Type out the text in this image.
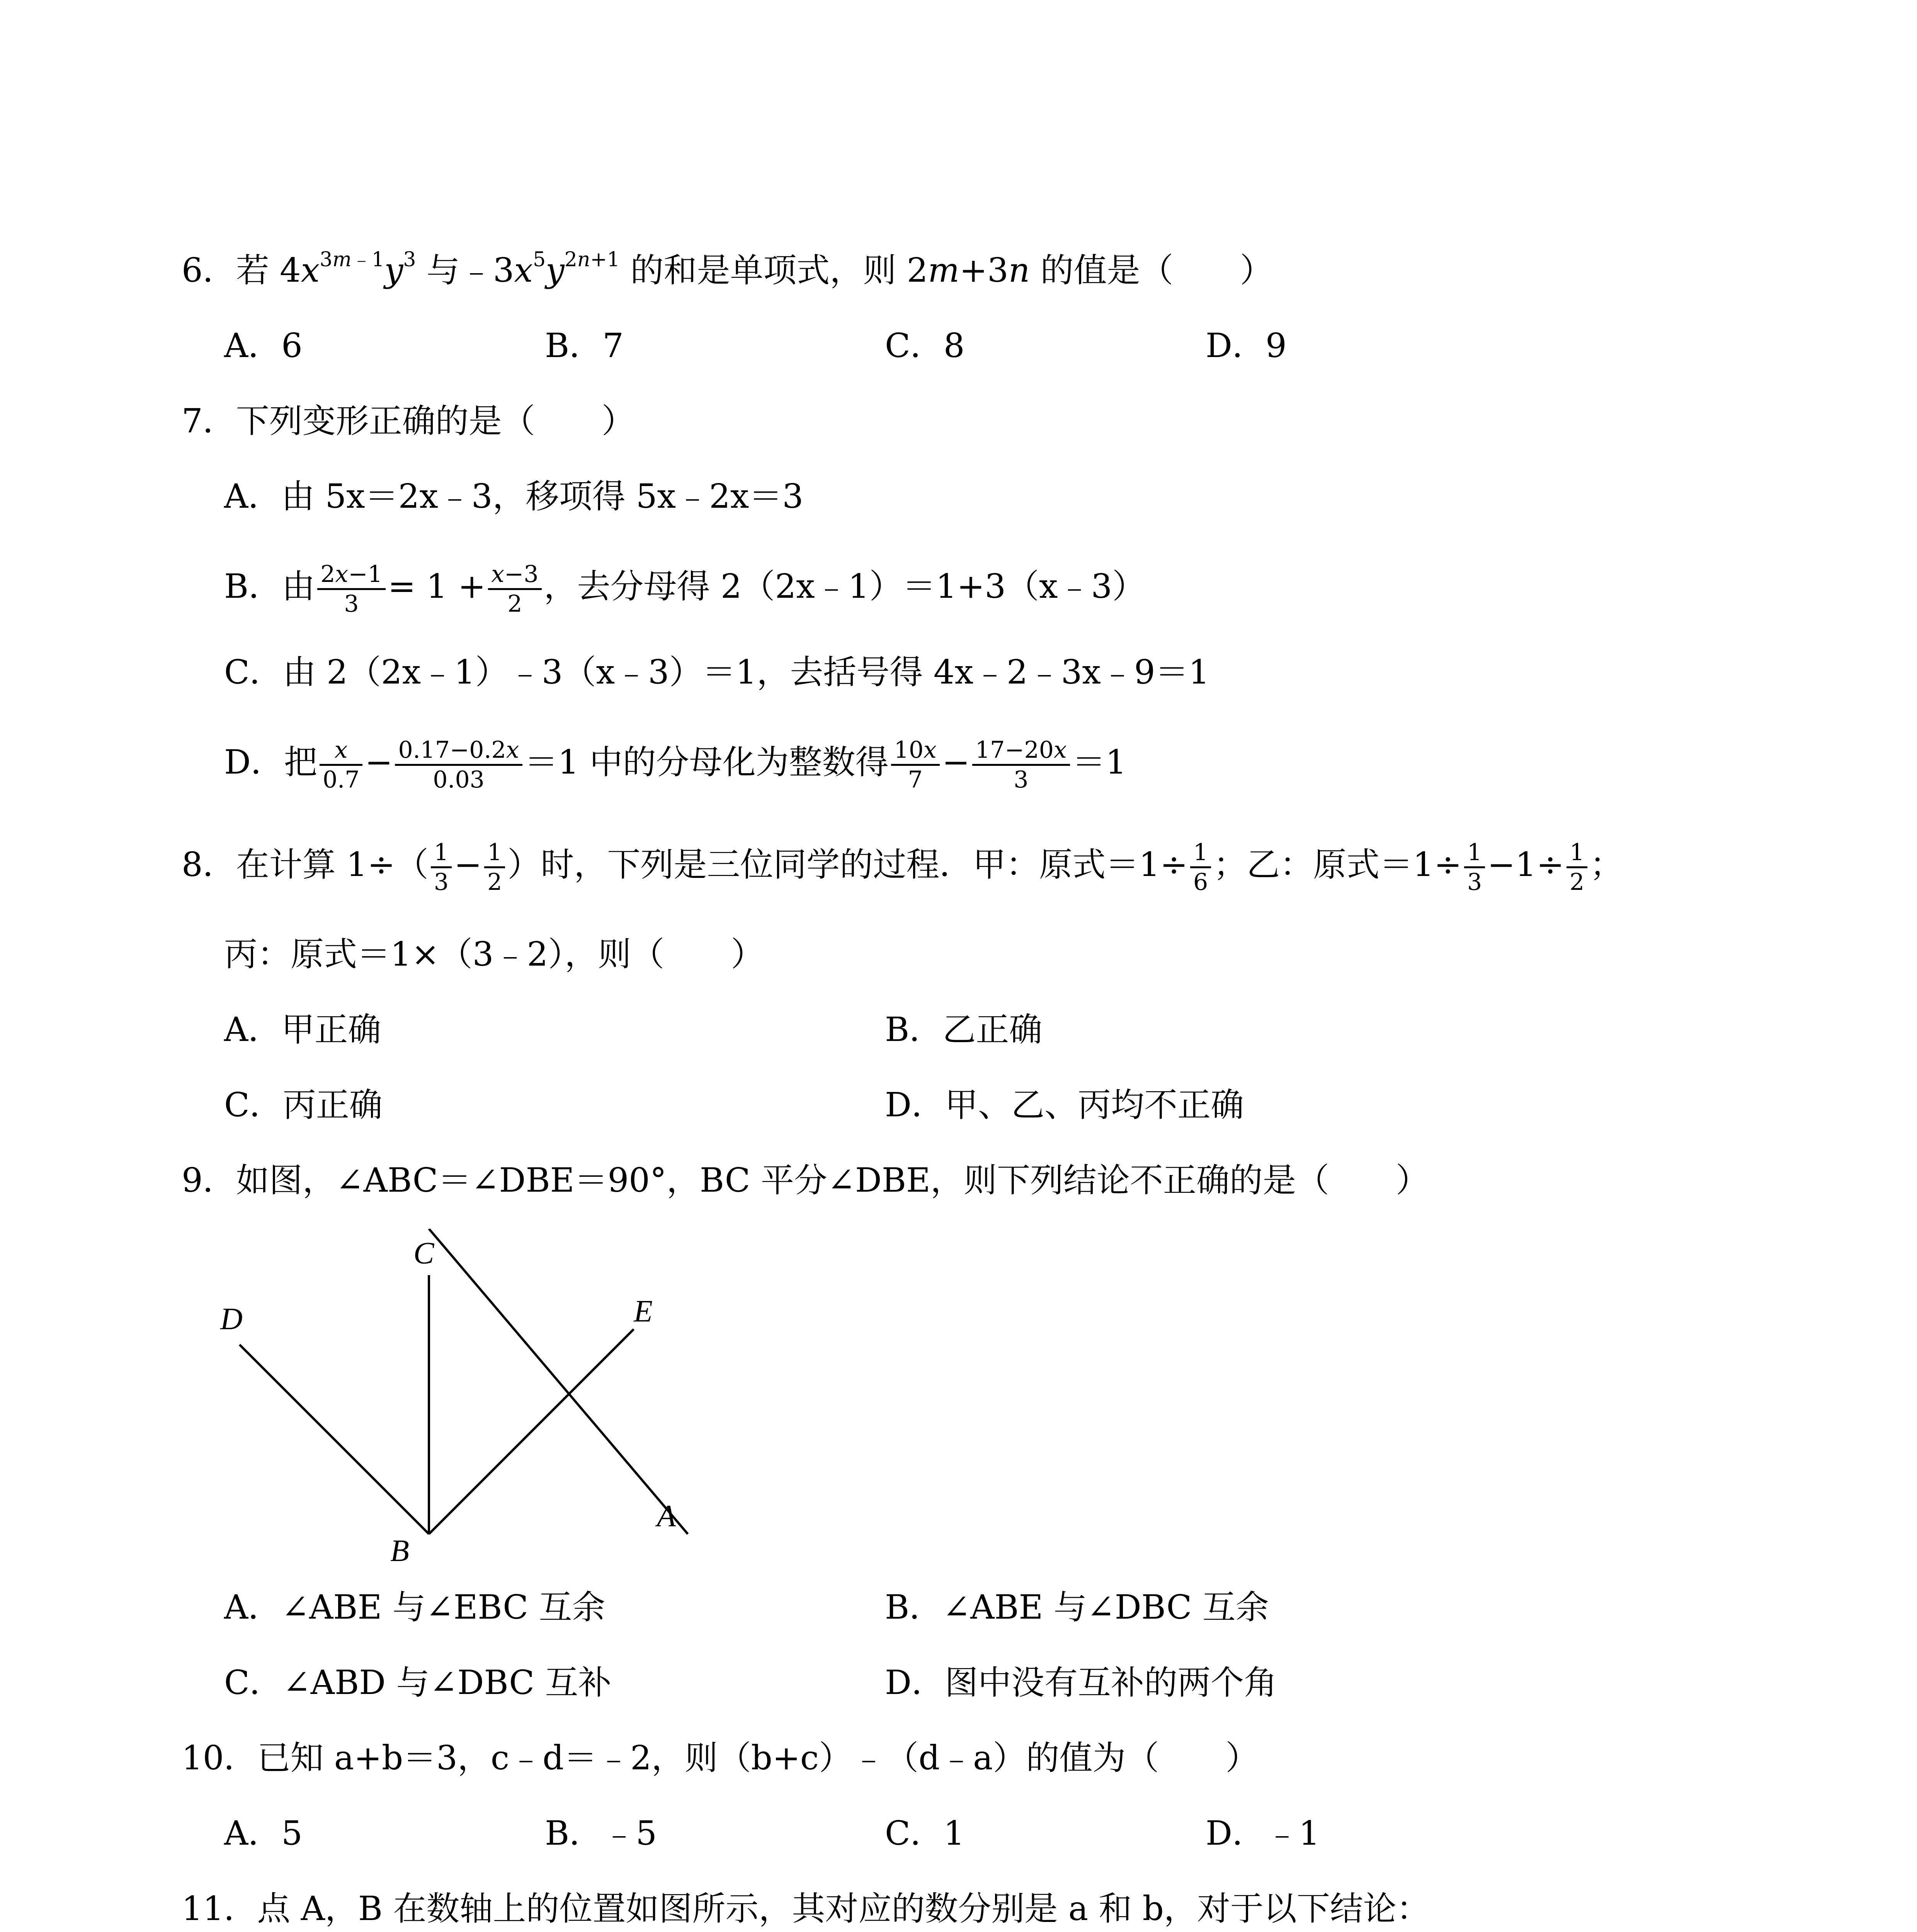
6．若 $4x^{3m﹣1}y^3$ 与$﹣3x^5y^{2n+1}$ 的和是单项式，则 2m+3n 的值是（　　）
A．6	B．7	C．8	D．9
7．下列变形正确的是（　　）
A．由 5x＝2x﹣3，移项得 5x﹣2x＝3
B．由 $\frac{2x-1}{3} = 1 + \frac{x-3}{2}$ ，去分母得 2（2x﹣1）＝1+3（x﹣3）
C．由 2（2x﹣1）﹣3（x﹣3）＝1，去括号得 4x﹣2﹣3x﹣9＝1
D．把 $\frac{x}{0.7} - \frac{0.17-0.2x}{0.03} =1$ 中的分母化为整数得 $\frac{10x}{7} - \frac{17-20x}{3} =1$
8．在计算 $1\div( \frac{1}{3} - \frac{1}{2}$ ）时，下列是三位同学的过程．甲：原式$=1\div \frac{1}{6}$ ；乙：原式$=1\div \frac{1}{3} -1\div \frac{1}{2}$ ；
丙：原式＝1×（3﹣2），则（　　）
A．甲正确	B．乙正确
C．丙正确	D．甲、乙、丙均不正确
9．如图，∠ABC＝∠DBE＝90°，BC 平分∠DBE，则下列结论不正确的是（　　）
C
D	E
B
A
A．∠ABE 与∠EBC 互余	B．∠ABE 与∠DBC 互余
C．∠ABD 与∠DBC 互补	D．图中没有互补的两个角
10．已知 a+b＝3，c﹣d＝﹣2，则（b+c）﹣（d﹣a）的值为（　　）
A．5	B．﹣5	C．1	D．﹣1
11．点 A，B 在数轴上的位置如图所示，其对应的数分别是 a 和 b，对于以下结论：
